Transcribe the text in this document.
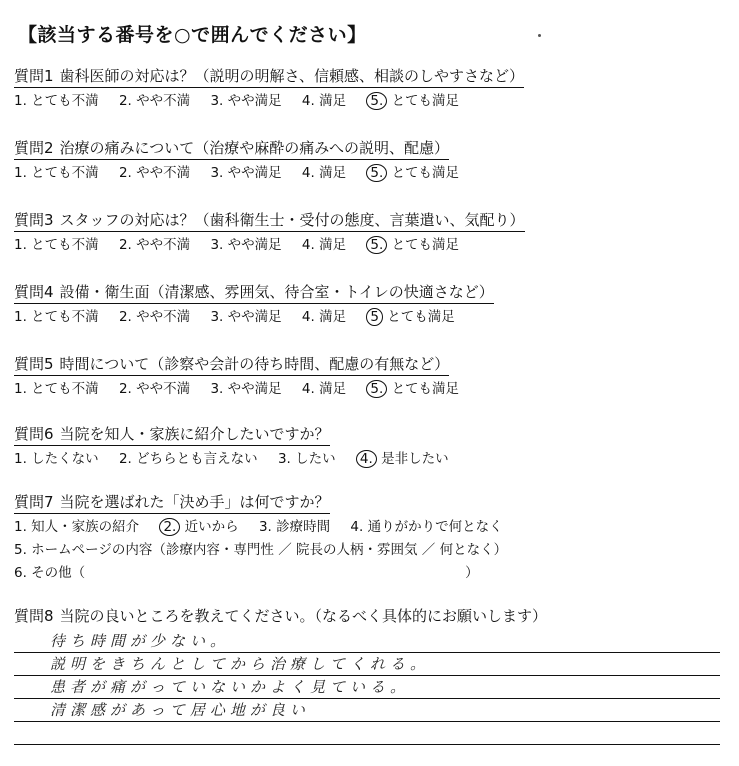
【該当する番号を○で囲んでください】
質問1 歯科医師の対応は？（説明の明解さ、信頼感、相談のしやすさなど）
1. とても不満 2. やや不満 3. やや満足 4. 満足 5. とても満足
質問2 治療の痛みについて（治療や麻酔の痛みへの説明、配慮）
1. とても不満 2. やや不満 3. やや満足 4. 満足 5. とても満足
質問3 スタッフの対応は？（歯科衛生士・受付の態度、言葉遣い、気配り）
1. とても不満 2. やや不満 3. やや満足 4. 満足 5. とても満足
質問4 設備・衛生面（清潔感、雰囲気、待合室・トイレの快適さなど）
1. とても不満 2. やや不満 3. やや満足 4. 満足 5 とても満足
質問5 時間について（診察や会計の待ち時間、配慮の有無など）
1. とても不満 2. やや不満 3. やや満足 4. 満足 5. とても満足
質問6 当院を知人・家族に紹介したいですか？
1. したくない 2. どちらとも言えない 3. したい 4. 是非したい
質問7 当院を選ばれた「決め手」は何ですか？
1. 知人・家族の紹介 2. 近いから 3. 診療時間 4. 通りがかりで何となく
5. ホームページの内容（診療内容・専門性 ／ 院長の人柄・雰囲気 ／ 何となく）
6. その他（	）
質問8 当院の良いところを教えてください。（なるべく具体的にお願いします）
待ち時間が少ない。
説明をきちんとしてから治療してくれる。
患者が痛がっていないかよく見ている。
清潔感があって居心地が良い
